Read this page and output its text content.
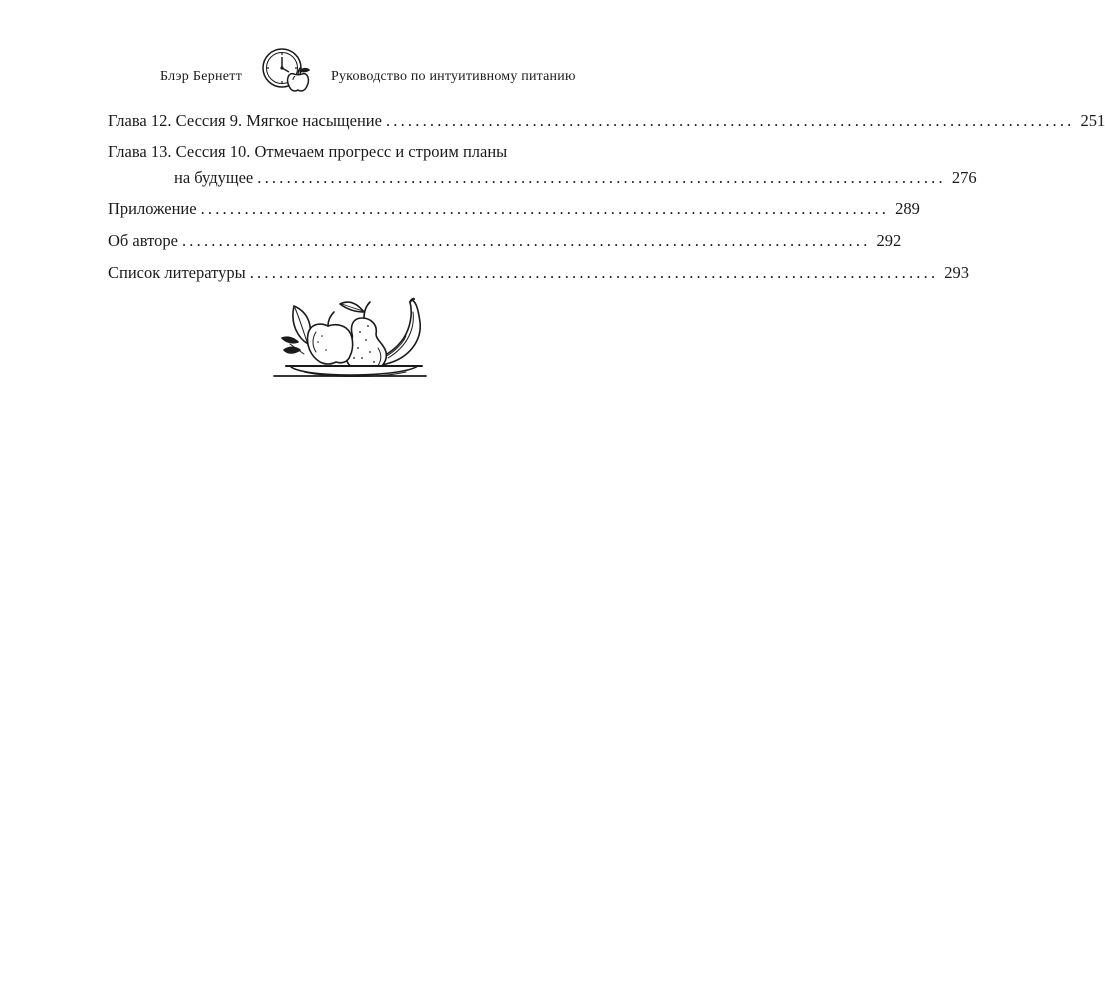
Блэр Бернетт	Руководство по интуитивному питанию
Глава 12. Сессия 9. Мягкое насыщение .............................................................................................. 251
Глава 13. Сессия 10. Отмечаем прогресс и строим планы
на будущее .............................................................................................. 276
Приложение .............................................................................................. 289
Об авторе .............................................................................................. 292
Список литературы .............................................................................................. 293
